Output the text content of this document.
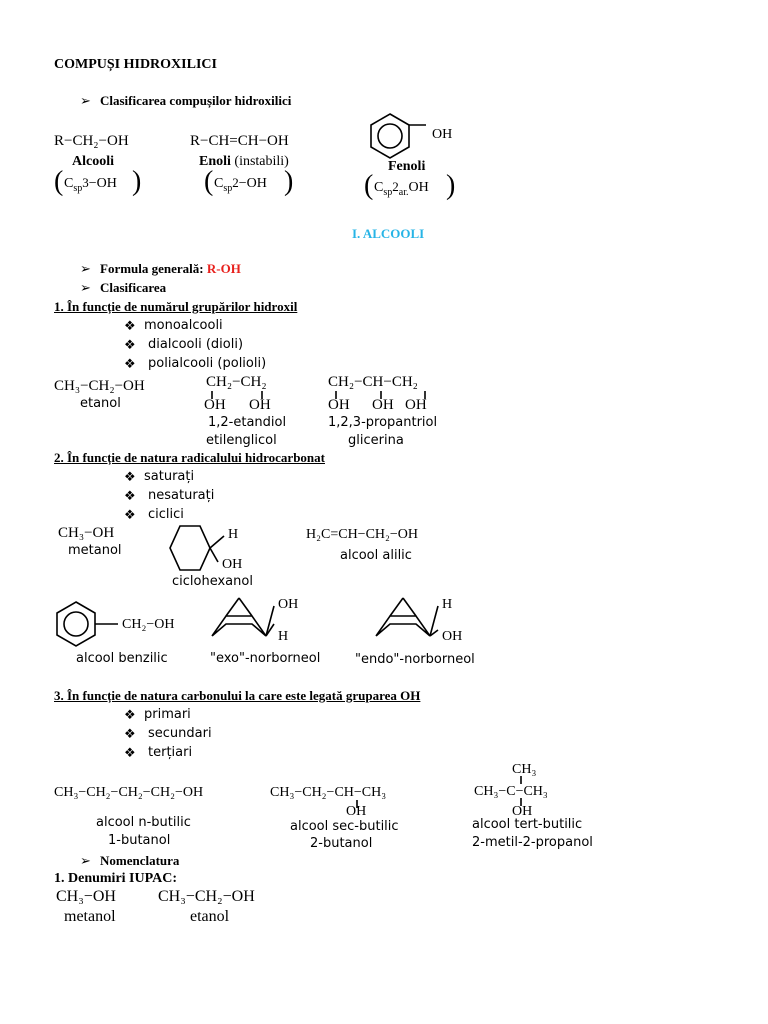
COMPUȘI HIDROXILICI
➢ Clasificarea compușilor hidroxilici
R−CH₂−OH
Alcooli
( $C_{sp}3-OH$ )
R−CH=CH−OH
Enoli (instabili)
( $C_{sp}2-OH$ )
OH
Fenoli
( $C_{sp}2_{ar.}OH$ )
I. ALCOOLI
➢ Formula generală: R-OH
➢ Clasificarea
1. În funcție de numărul grupărilor hidroxil
❖ monoalcooli
❖ dialcooli (dioli)
❖ polialcooli (polioli)
CH₃−CH₂−OH
etanol
CH₂−CH₂
OH OH
1,2-etandiol
etilenglicol
CH₂−CH−CH₂
OH OH OH
1,2,3-propantriol
glicerina
2. În funcție de natura radicalului hidrocarbonat
❖ saturați
❖ nesaturați
❖ ciclici
CH₃−OH
metanol
H
OH
ciclohexanol
H₂C=CH−CH₂−OH
alcool alilic
CH₂−OH
alcool benzilic
OH
H
"exo"-norborneol
H
OH
"endo"-norborneol
3. În funcție de natura carbonului la care este legată gruparea OH
❖ primari
❖ secundari
❖ terțiari
CH₃−CH₂−CH₂−CH₂−OH
alcool n-butilic
1-butanol
CH₃−CH₂−CH−CH₃
OH
alcool sec-butilic
2-butanol
CH₃
CH₃−C−CH₃
OH
alcool tert-butilic
2-metil-2-propanol
➢ Nomenclatura
1. Denumiri IUPAC:
CH₃−OH
metanol
CH₃−CH₂−OH
etanol
